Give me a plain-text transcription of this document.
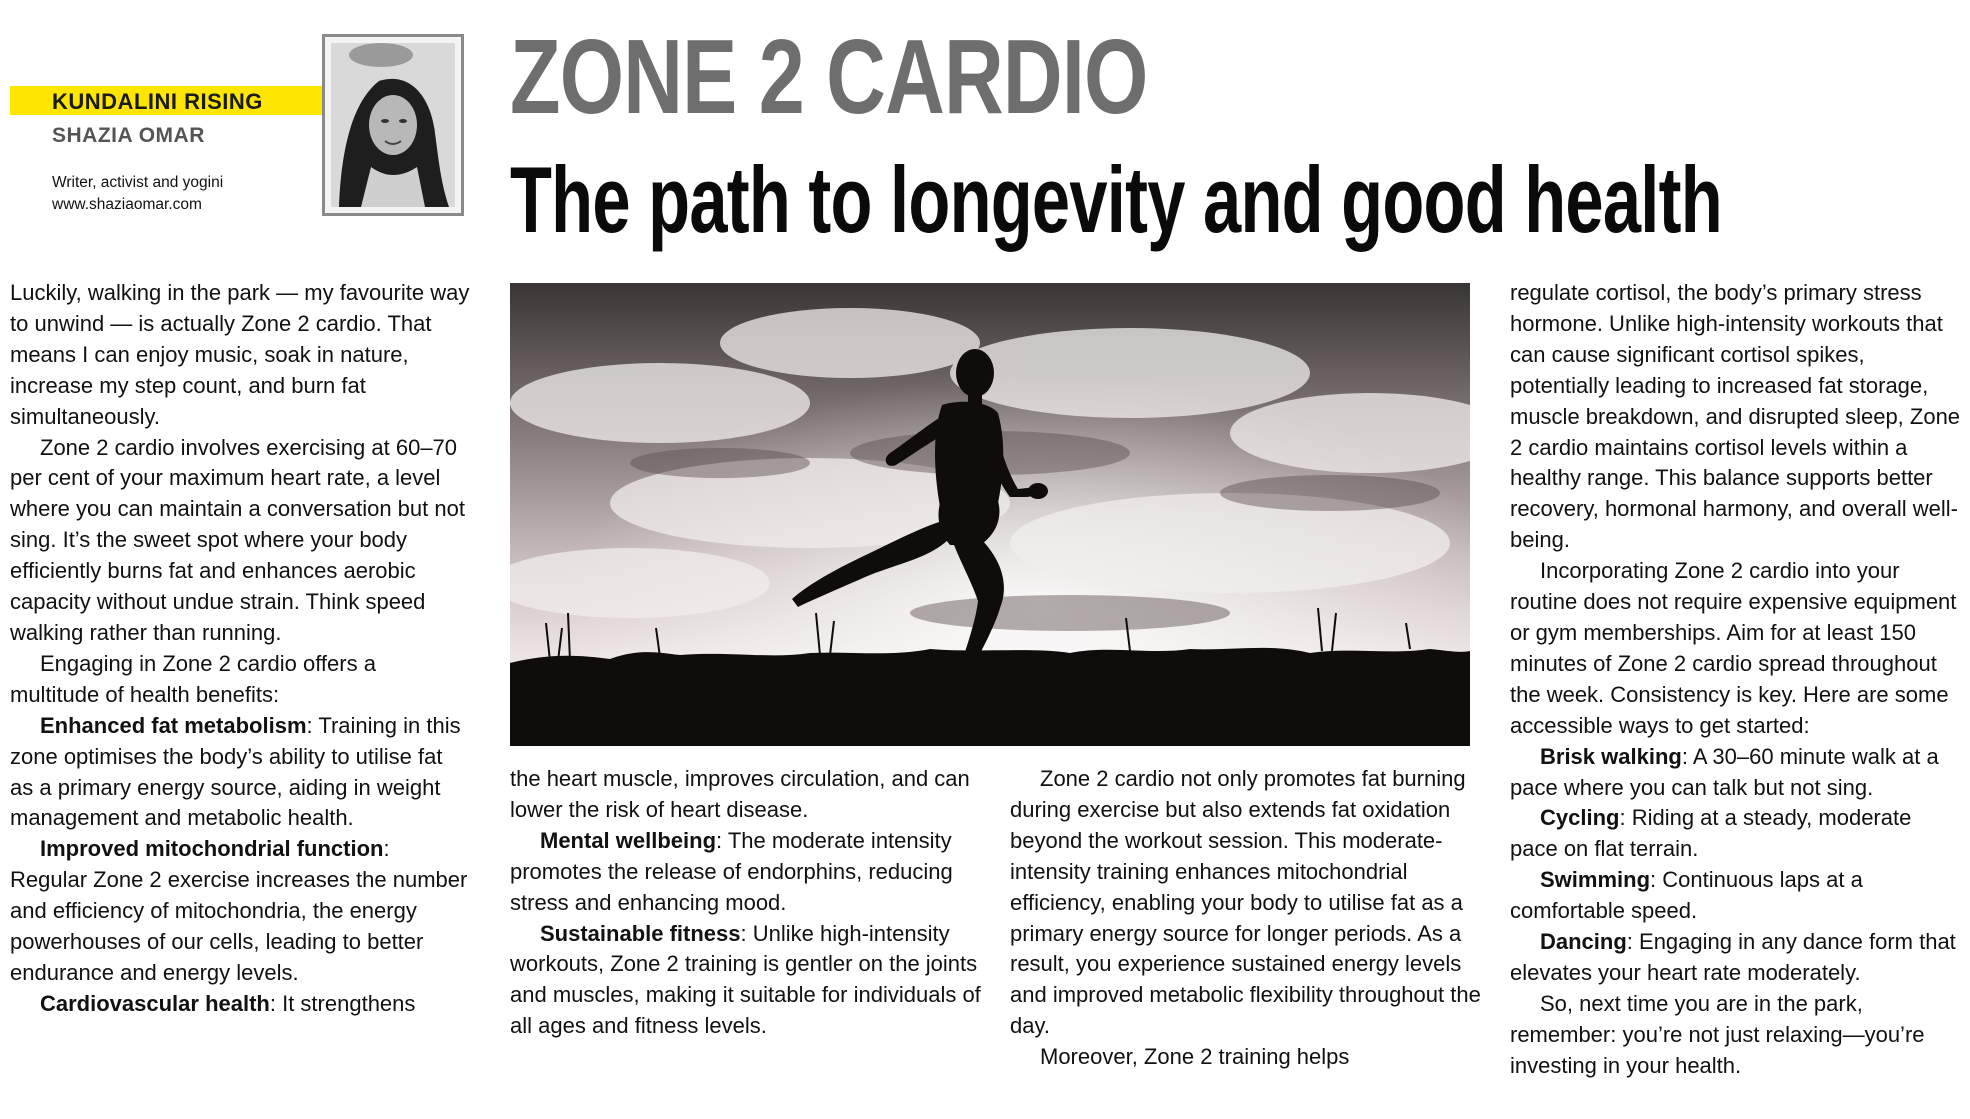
KUNDALINI RISING
SHAZIA OMAR
Writer, activist and yogini
www.shaziaomar.com
ZONE 2 CARDIO
The path to longevity and good health

Luckily, walking in the park — my favourite way to unwind — is actually Zone 2 cardio. That means I can enjoy music, soak in nature, increase my step count, and burn fat simultaneously.

Zone 2 cardio involves exercising at 60–70 per cent of your maximum heart rate, a level where you can maintain a conversation but not sing. It’s the sweet spot where your body efficiently burns fat and enhances aerobic capacity without undue strain. Think speed walking rather than running.

Engaging in Zone 2 cardio offers a multitude of health benefits:

Enhanced fat metabolism: Training in this zone optimises the body’s ability to utilise fat as a primary energy source, aiding in weight management and metabolic health.

Improved mitochondrial function: Regular Zone 2 exercise increases the number and efficiency of mitochondria, the energy powerhouses of our cells, leading to better endurance and energy levels.

Cardiovascular health: It strengthens

the heart muscle, improves circulation, and can lower the risk of heart disease.

Mental wellbeing: The moderate intensity promotes the release of endorphins, reducing stress and enhancing mood.

Sustainable fitness: Unlike high-intensity workouts, Zone 2 training is gentler on the joints and muscles, making it suitable for individuals of all ages and fitness levels.

Zone 2 cardio not only promotes fat burning during exercise but also extends fat oxidation beyond the workout session. This moderate-intensity training enhances mitochondrial efficiency, enabling your body to utilise fat as a primary energy source for longer periods. As a result, you experience sustained energy levels and improved metabolic flexibility throughout the day.

Moreover, Zone 2 training helps

regulate cortisol, the body’s primary stress hormone. Unlike high-intensity workouts that can cause significant cortisol spikes, potentially leading to increased fat storage, muscle breakdown, and disrupted sleep, Zone 2 cardio maintains cortisol levels within a healthy range. This balance supports better recovery, hormonal harmony, and overall well-being.

Incorporating Zone 2 cardio into your routine does not require expensive equipment or gym memberships. Aim for at least 150 minutes of Zone 2 cardio spread throughout the week. Consistency is key. Here are some accessible ways to get started:

Brisk walking: A 30–60 minute walk at a pace where you can talk but not sing.

Cycling: Riding at a steady, moderate pace on flat terrain.

Swimming: Continuous laps at a comfortable speed.

Dancing: Engaging in any dance form that elevates your heart rate moderately.

So, next time you are in the park, remember: you’re not just relaxing—you’re investing in your health.
